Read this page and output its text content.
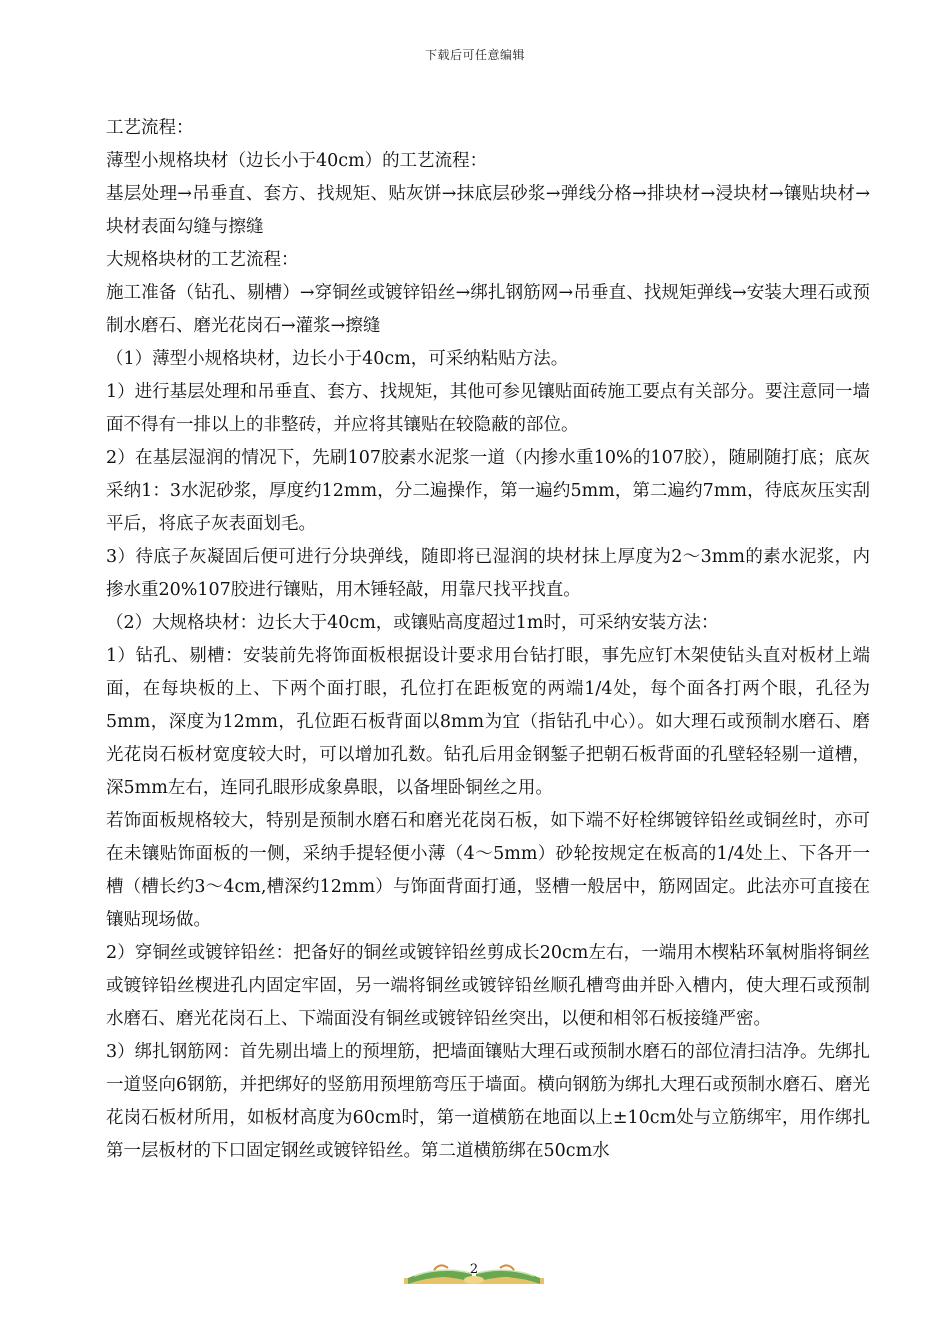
下载后可任意编辑

工艺流程：

薄型小规格块材（边长小于40cm）的工艺流程：

基层处理→吊垂直、套方、找规矩、贴灰饼→抹底层砂浆→弹线分格→排块材→浸块材→镶贴块材→块材表面勾缝与擦缝

大规格块材的工艺流程：

施工准备（钻孔、剔槽）→穿铜丝或镀锌铅丝→绑扎钢筋网→吊垂直、找规矩弹线→安装大理石或预制水磨石、磨光花岗石→灌浆→擦缝

（1）薄型小规格块材，边长小于40cm，可采纳粘贴方法。

1）进行基层处理和吊垂直、套方、找规矩，其他可参见镶贴面砖施工要点有关部分。要注意同一墙面不得有一排以上的非整砖，并应将其镶贴在较隐蔽的部位。

2）在基层湿润的情况下，先刷107胶素水泥浆一道（内掺水重10%的107胶），随刷随打底；底灰采纳1：3水泥砂浆，厚度约12mm，分二遍操作，第一遍约5mm，第二遍约7mm，待底灰压实刮平后，将底子灰表面划毛。

3）待底子灰凝固后便可进行分块弹线，随即将已湿润的块材抹上厚度为2～3mm的素水泥浆，内掺水重20%107胶进行镶贴，用木锤轻敲，用靠尺找平找直。

（2）大规格块材：边长大于40cm，或镶贴高度超过1m时，可采纳安装方法：

1）钻孔、剔槽：安装前先将饰面板根据设计要求用台钻打眼，事先应钉木架使钻头直对板材上端面，在每块板的上、下两个面打眼，孔位打在距板宽的两端1/4处，每个面各打两个眼，孔径为5mm，深度为12mm，孔位距石板背面以8mm为宜（指钻孔中心）。如大理石或预制水磨石、磨光花岗石板材宽度较大时，可以增加孔数。钻孔后用金钢錾子把朝石板背面的孔壁轻轻剔一道槽，深5mm左右，连同孔眼形成象鼻眼，以备埋卧铜丝之用。

若饰面板规格较大，特别是预制水磨石和磨光花岗石板，如下端不好栓绑镀锌铅丝或铜丝时，亦可在未镶贴饰面板的一侧，采纳手提轻便小薄（4～5mm）砂轮按规定在板高的1/4处上、下各开一槽（槽长约3～4cm,槽深约12mm）与饰面背面打通，竖槽一般居中，筋网固定。此法亦可直接在镶贴现场做。

2）穿铜丝或镀锌铅丝：把备好的铜丝或镀锌铅丝剪成长20cm左右，一端用木楔粘环氧树脂将铜丝或镀锌铅丝楔进孔内固定牢固，另一端将铜丝或镀锌铅丝顺孔槽弯曲并卧入槽内，使大理石或预制水磨石、磨光花岗石上、下端面没有铜丝或镀锌铅丝突出，以便和相邻石板接缝严密。

3）绑扎钢筋网：首先剔出墙上的预埋筋，把墙面镶贴大理石或预制水磨石的部位清扫洁净。先绑扎一道竖向6钢筋，并把绑好的竖筋用预埋筋弯压于墙面。横向钢筋为绑扎大理石或预制水磨石、磨光花岗石板材所用，如板材高度为60cm时，第一道横筋在地面以上±10cm处与立筋绑牢，用作绑扎第一层板材的下口固定钢丝或镀锌铅丝。第二道横筋绑在50cm水

2
